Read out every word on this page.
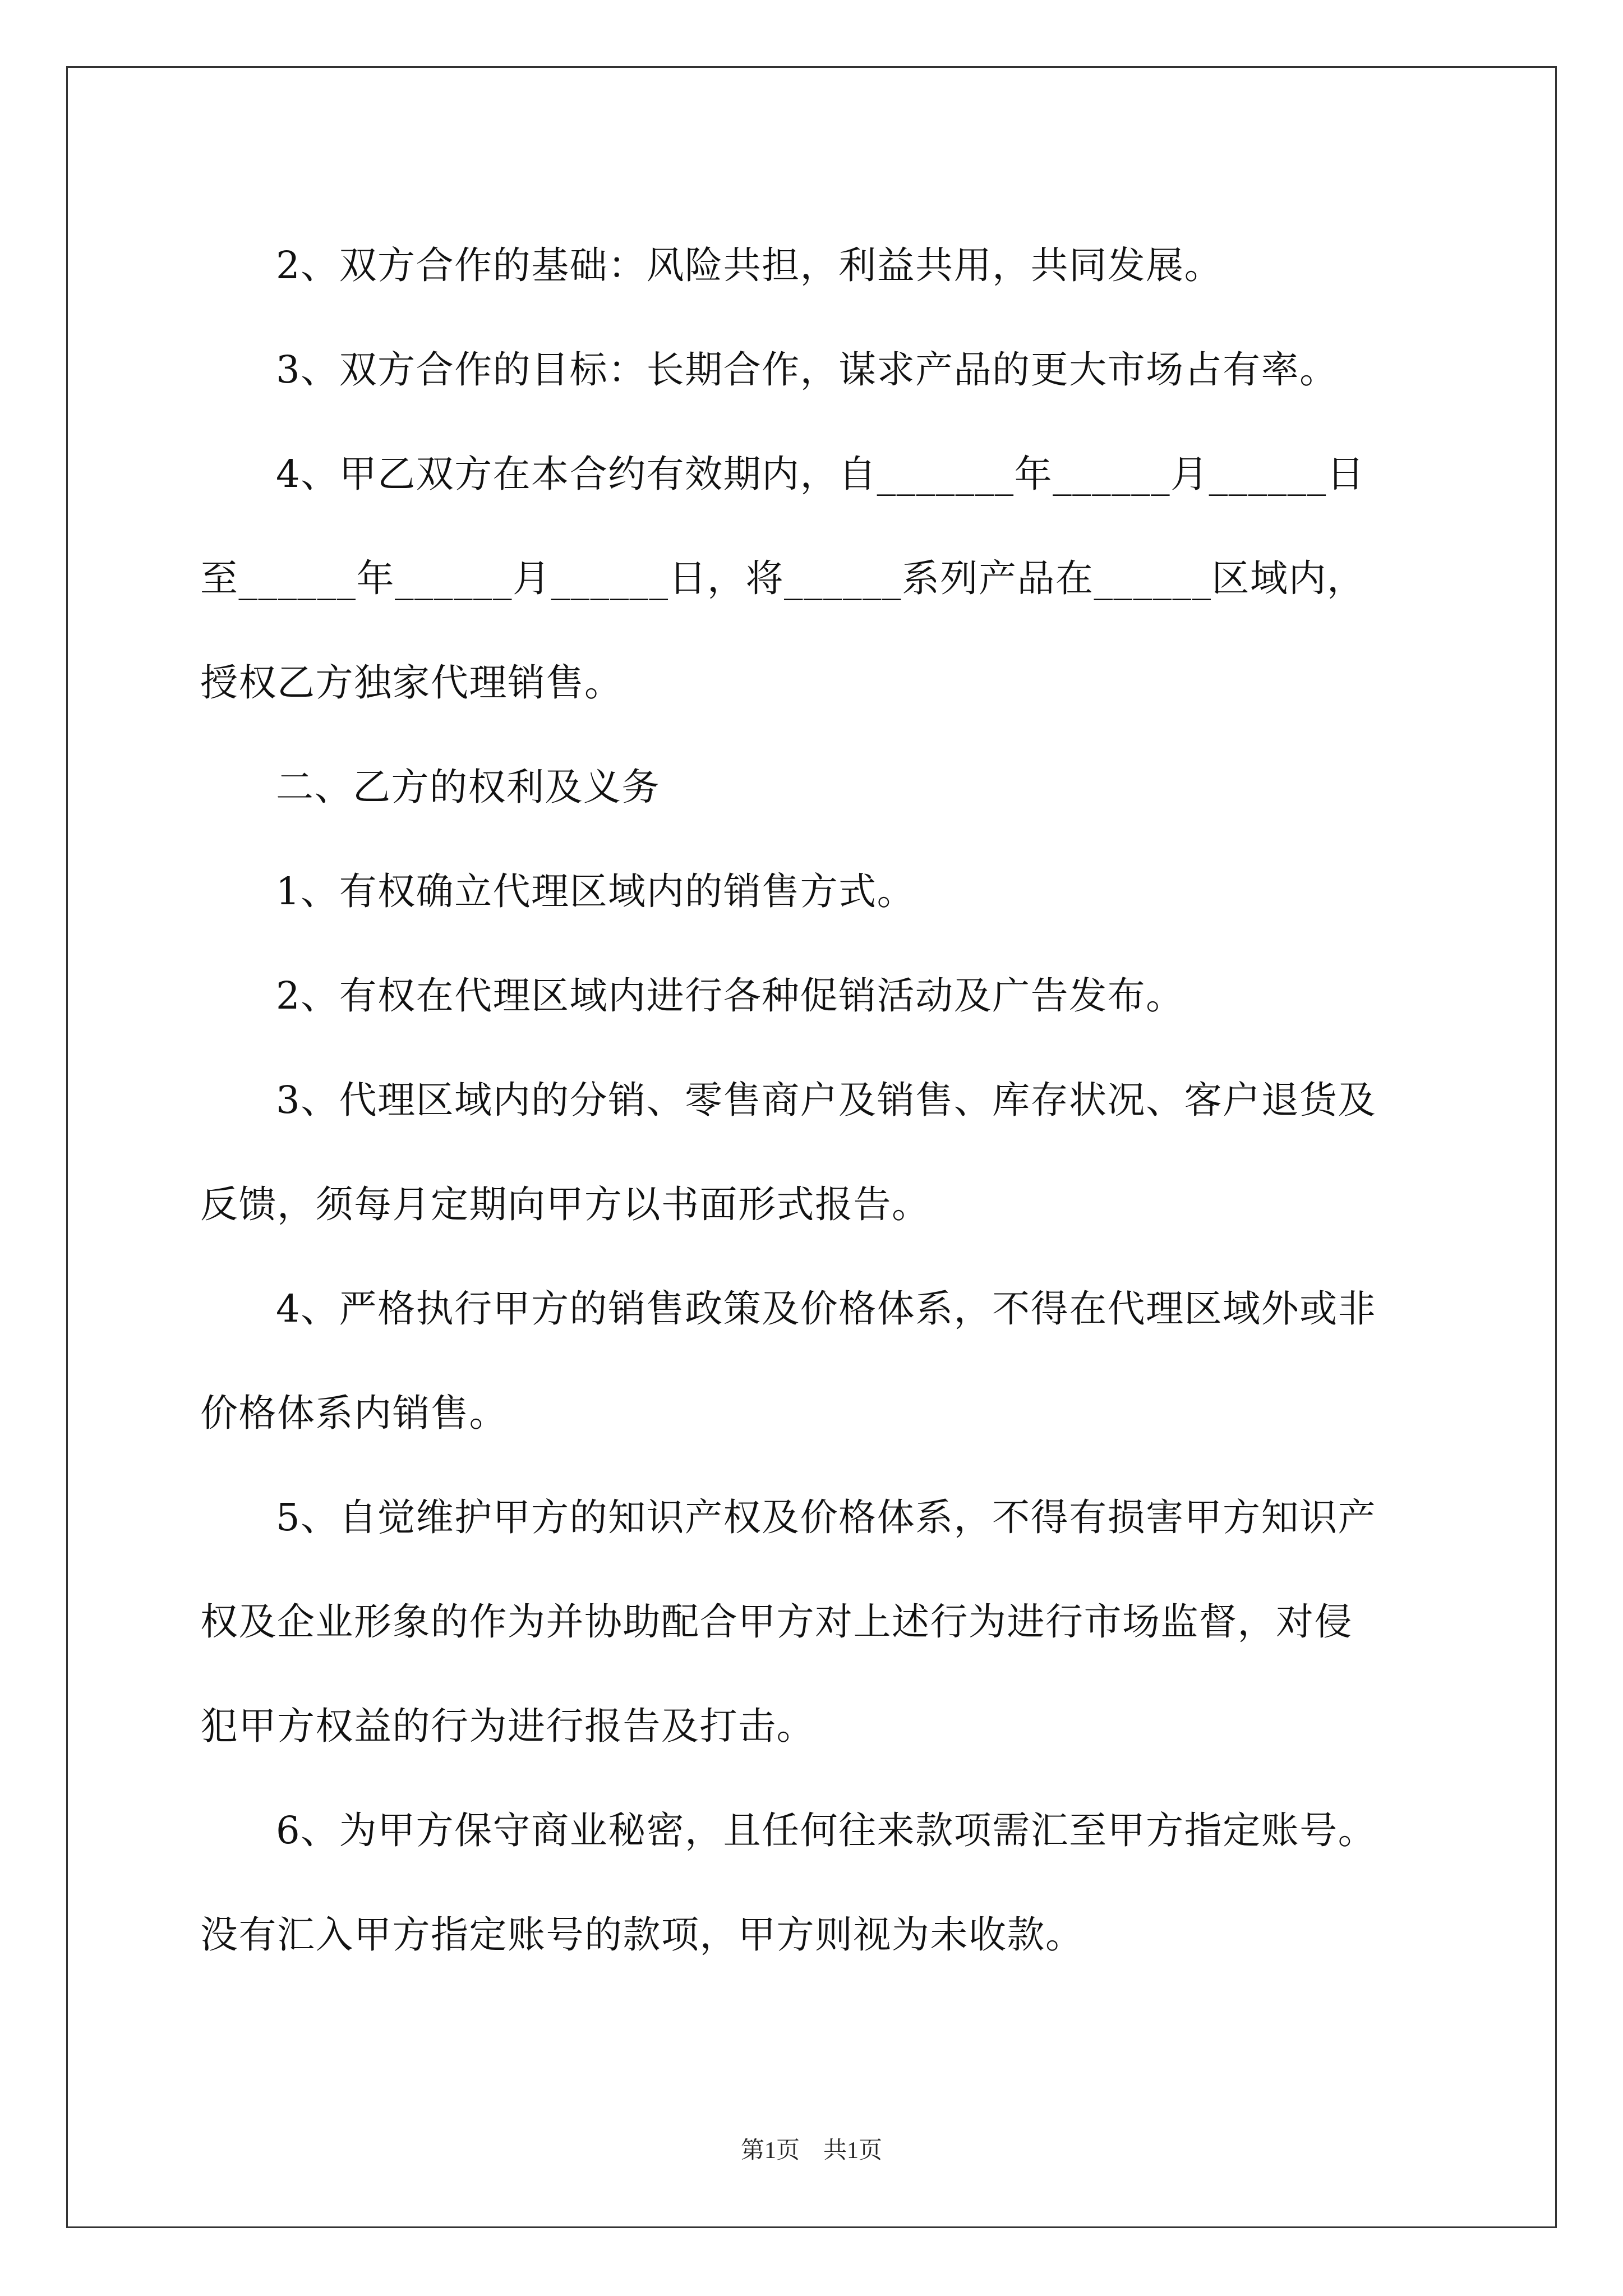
2、双方合作的基础：风险共担，利益共用，共同发展。
3、双方合作的目标：长期合作，谋求产品的更大市场占有率。
4、甲乙双方在本合约有效期内，自_______年______月______日
至______年______月______日，将______系列产品在______区域内，
授权乙方独家代理销售。
二、乙方的权利及义务
1、有权确立代理区域内的销售方式。
2、有权在代理区域内进行各种促销活动及广告发布。
3、代理区域内的分销、零售商户及销售、库存状况、客户退货及
反馈，须每月定期向甲方以书面形式报告。
4、严格执行甲方的销售政策及价格体系，不得在代理区域外或非
价格体系内销售。
5、自觉维护甲方的知识产权及价格体系，不得有损害甲方知识产
权及企业形象的作为并协助配合甲方对上述行为进行市场监督，对侵
犯甲方权益的行为进行报告及打击。
6、为甲方保守商业秘密，且任何往来款项需汇至甲方指定账号。
没有汇入甲方指定账号的款项，甲方则视为未收款。
第1页　共1页
